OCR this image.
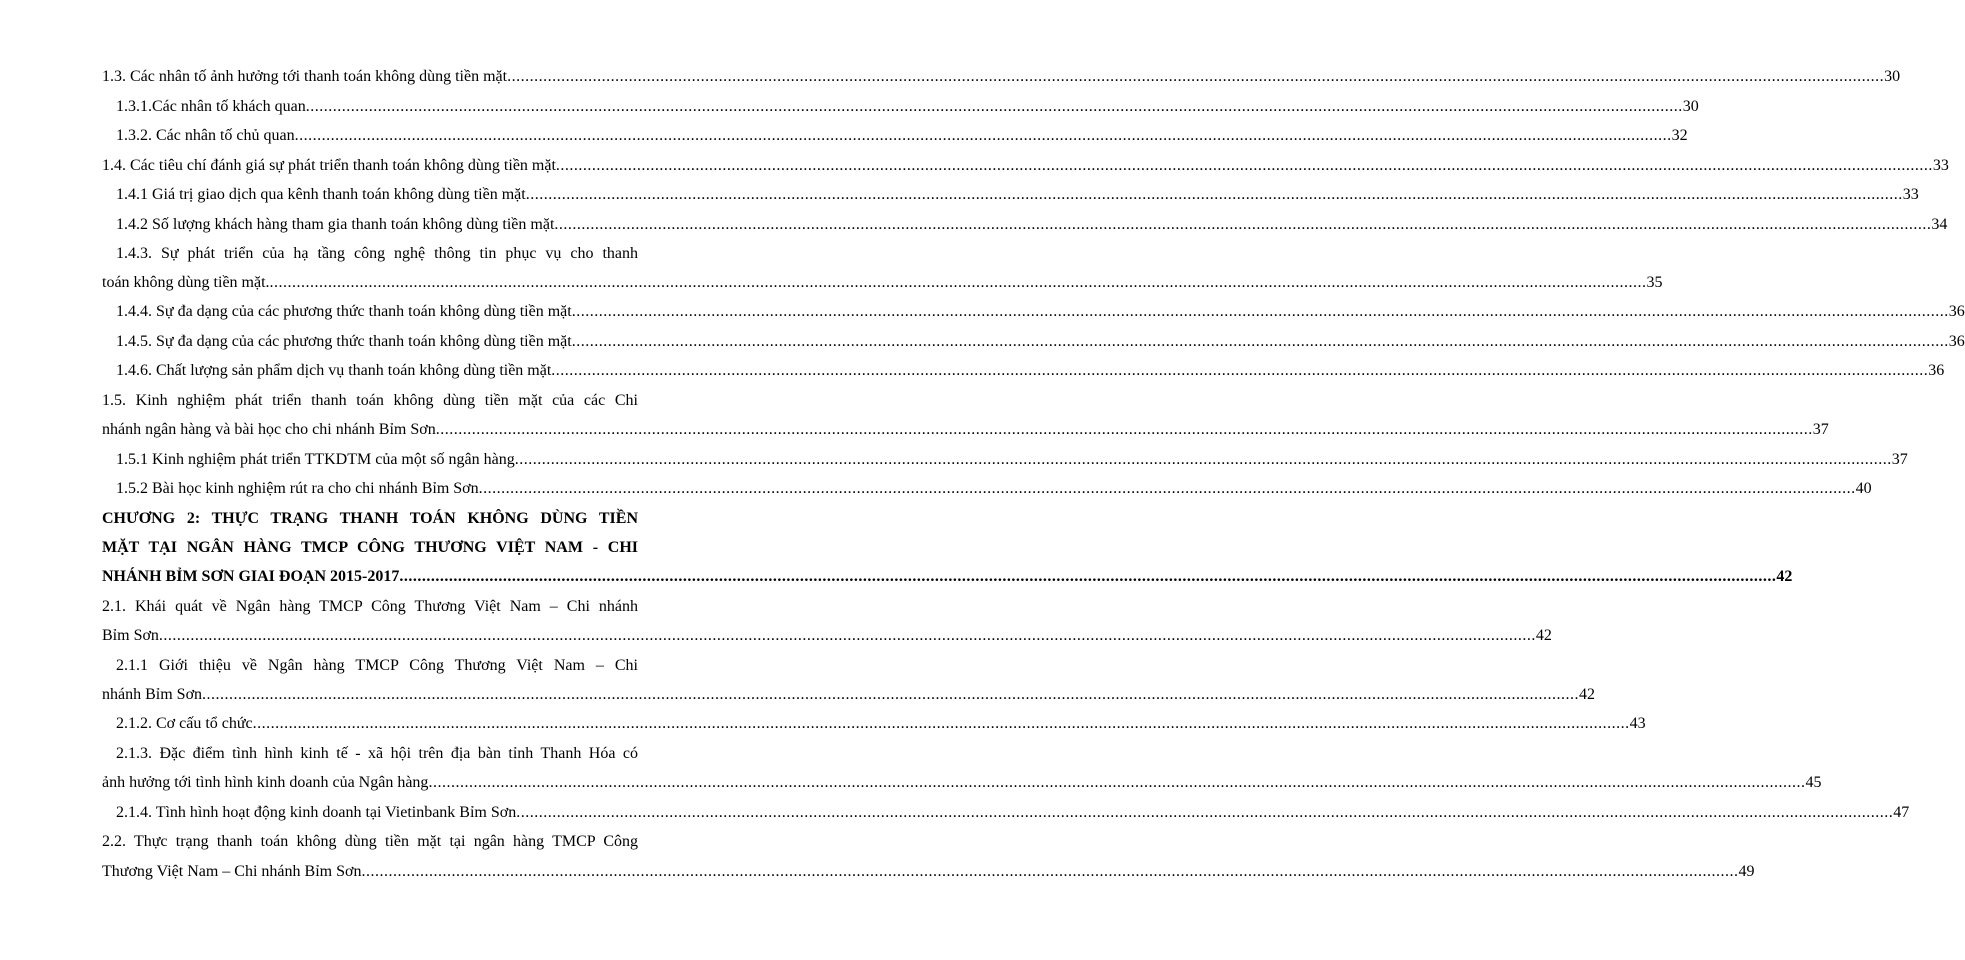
1.3. Các nhân tố ảnh hưởng tới thanh toán không dùng tiền mặt .....	30
1.3.1.Các nhân tố khách quan .....	30
1.3.2. Các nhân tố chủ quan .....	32
1.4. Các tiêu chí đánh giá sự phát triển thanh toán không dùng tiền mặt .....	33
1.4.1 Giá trị giao dịch qua kênh thanh toán không dùng tiền mặt .....	33
1.4.2 Số lượng khách hàng tham gia thanh toán không dùng tiền mặt .....	34
1.4.3. Sự phát triển của hạ tầng công nghệ thông tin phục vụ cho thanh
toán không dùng tiền mặt. .....	35
1.4.4. Sự đa dạng của các phương thức thanh toán không dùng tiền mặt .....	36
1.4.5. Sự đa dạng của các phương thức thanh toán không dùng tiền mặt .....	36
1.4.6. Chất lượng sản phẩm dịch vụ thanh toán không dùng tiền mặt .....	36
1.5. Kinh nghiệm phát triển thanh toán không dùng tiền mặt của các Chi
nhánh ngân hàng và bài học cho chi nhánh Bỉm Sơn .....	37
1.5.1 Kinh nghiệm phát triển TTKDTM của một số ngân hàng .....	37
1.5.2 Bài học kinh nghiệm rút ra cho chi nhánh Bỉm Sơn .....	40
CHƯƠNG 2: THỰC TRẠNG THANH TOÁN KHÔNG DÙNG TIỀN
MẶT TẠI NGÂN HÀNG TMCP CÔNG THƯƠNG VIỆT NAM - CHI
NHÁNH BỈM SƠN GIAI ĐOẠN 2015-2017 .....	42
2.1. Khái quát về Ngân hàng TMCP Công Thương Việt Nam – Chi nhánh
Bỉm Sơn .....	42
2.1.1 Giới thiệu về Ngân hàng TMCP Công Thương Việt Nam – Chi
nhánh Bỉm Sơn .....	42
2.1.2. Cơ cấu tổ chức .....	43
2.1.3. Đặc điểm tình hình kinh tế - xã hội trên địa bàn tỉnh Thanh Hóa có
ảnh hưởng tới tình hình kinh doanh của Ngân hàng .....	45
2.1.4. Tình hình hoạt động kinh doanh tại Vietinbank Bỉm Sơn .....	47
2.2. Thực trạng thanh toán không dùng tiền mặt tại ngân hàng TMCP Công
Thương Việt Nam – Chi nhánh Bỉm Sơn .....	49
